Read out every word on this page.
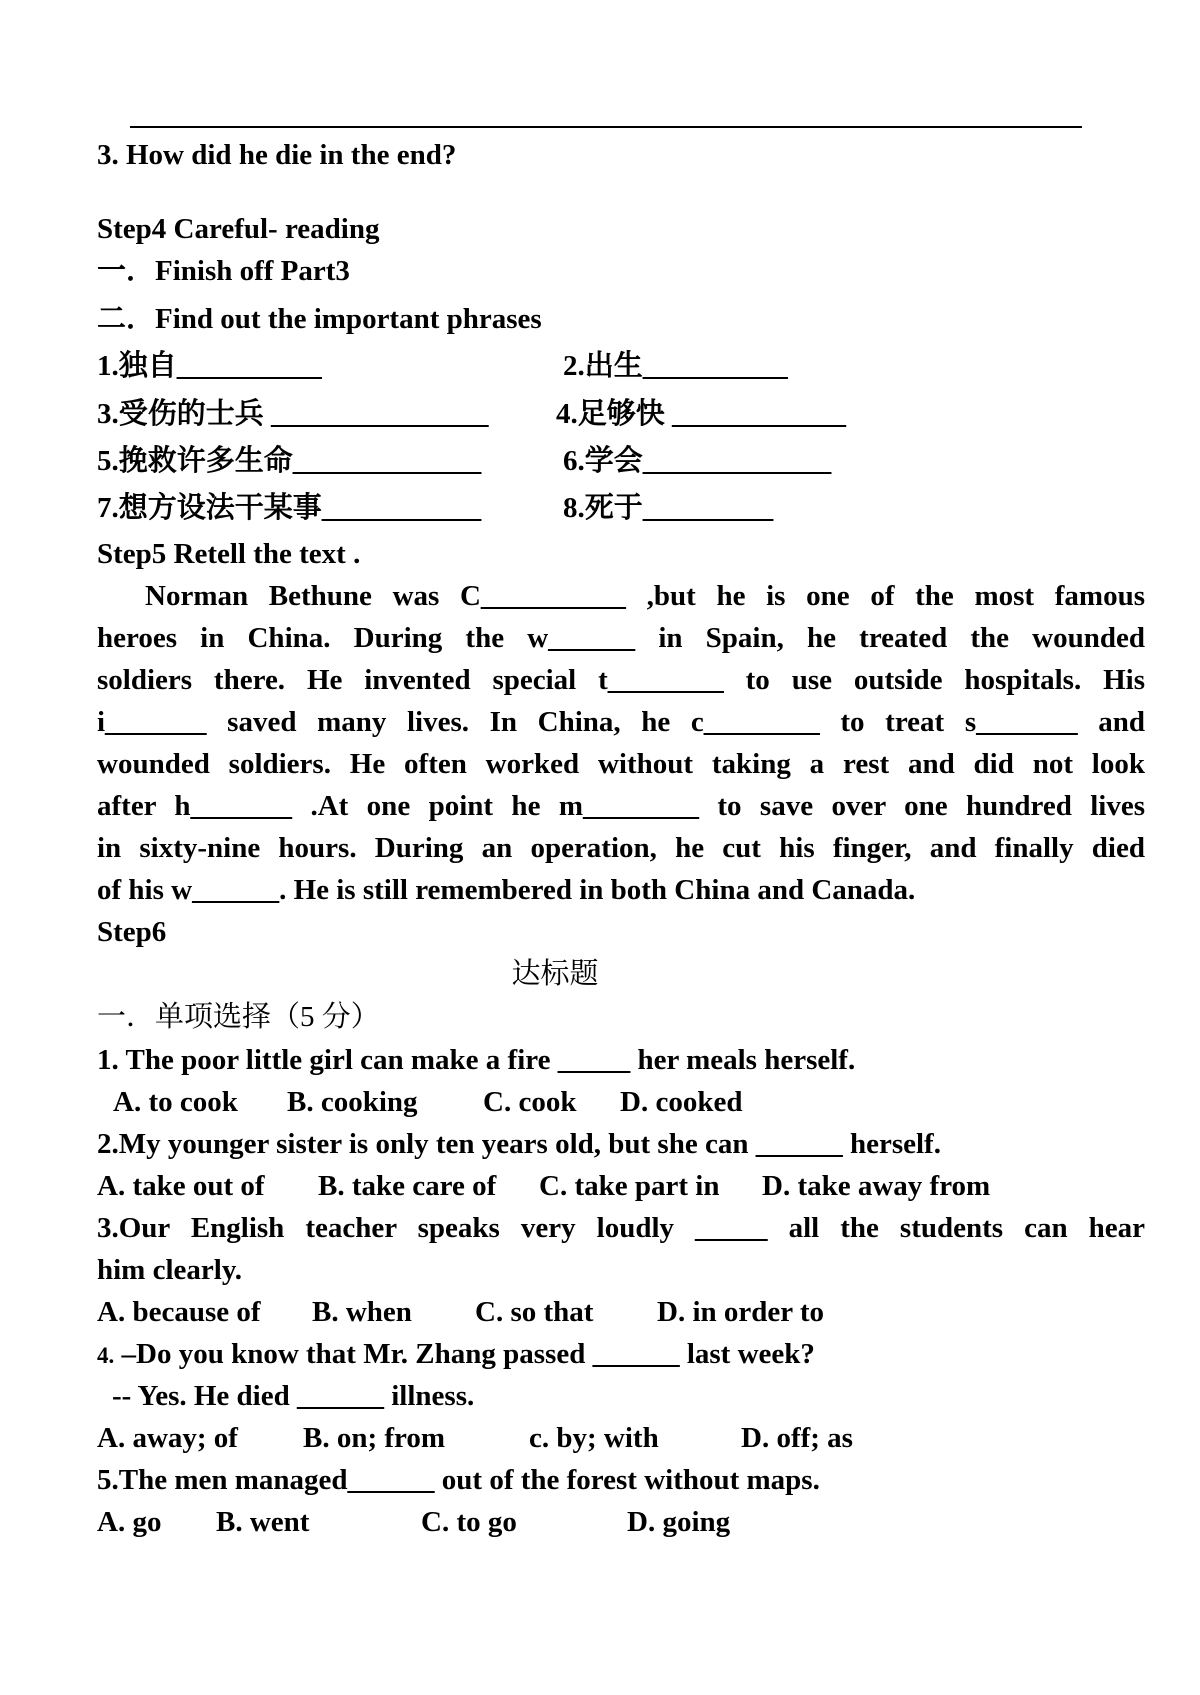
3. How did he die in the end?
Step4 Careful- reading
一．Finish off Part3
二．Find out the important phrases
1.独自__________	2.出生__________
3.受伤的士兵 _______________ 4.足够快 ____________
5.挽救许多生命_____________	6.学会_____________
7.想方设法干某事___________	8.死于_________
Step5 Retell the text .
Norman Bethune was C__________ ,but he is one of the most famous
heroes in China. During the w______ in Spain, he treated the wounded
soldiers there. He invented special t________ to use outside hospitals. His
i_______ saved many lives. In China, he c________ to treat s_______ and
wounded soldiers. He often worked without taking a rest and did not look
after h_______ .At one point he m________ to save over one hundred lives
in sixty-nine hours. During an operation, he cut his finger, and finally died
of his w______. He is still remembered in both China and Canada.
Step6
达标题
一．单项选择（5 分）
1. The poor little girl can make a fire _____ her meals herself.
A. to cook B. cooking C. cook D. cooked
2.My younger sister is only ten years old, but she can ______ herself.
A. take out of B. take care of C. take part in D. take away from
3.Our English teacher speaks very loudly _____ all the students can hear
him clearly.
A. because of B. when C. so that D. in order to
4. –Do you know that Mr. Zhang passed ______ last week?
-- Yes. He died ______ illness.
A. away; of B. on; from	c. by; with	D. off; as
5.The men managed______ out of the forest without maps.
A. go B. went	C. to go	D. going
